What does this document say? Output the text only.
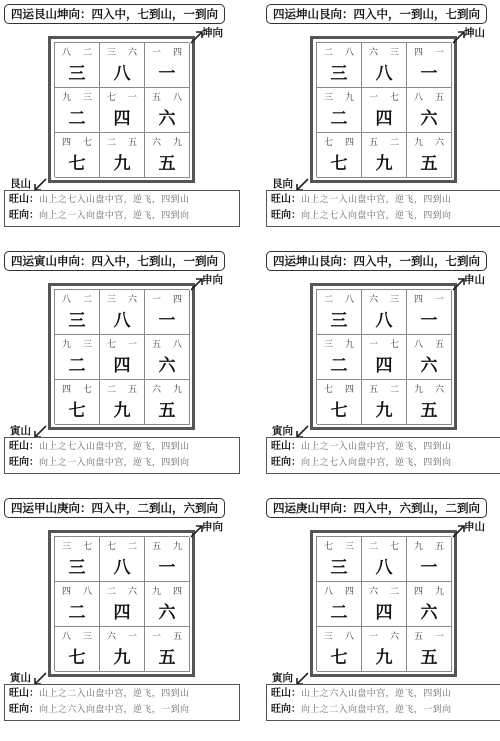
四运艮山坤向：四入中，七到山，一到向
八 二
三
三 六
八
一 四
一
九 三
二
七 一
四
五 八
六
四 七
七
二 五
九
六 九
五
坤向
艮山
旺山：山上之七入山盘中宫，逆飞，四到山
旺向：向上之一入向盘中宫，逆飞，四到向
四运坤山艮向：四入中，一到山，七到向
二 八
三
六 三
八
四 一
一
三 九
二
一 七
四
八 五
六
七 四
七
五 二
九
九 六
五
坤山
艮向
旺山：山上之一入山盘中宫，逆飞，四到山
旺向：向上之七入向盘中宫，逆飞，四到向
四运寅山申向：四入中，七到山，一到向
八 二
三
三 六
八
一 四
一
九 三
二
七 一
四
五 八
六
四 七
七
二 五
九
六 九
五
申向
寅山
旺山：山上之七入山盘中宫，逆飞，四到山
旺向：向上之一入向盘中宫，逆飞，四到向
四运坤山艮向：四入中，一到山，七到向
二 八
三
六 三
八
四 一
一
三 九
二
一 七
四
八 五
六
七 四
七
五 二
九
九 六
五
申山
寅向
旺山：山上之一入山盘中宫，逆飞，四到山
旺向：向上之七入向盘中宫，逆飞，四到向
四运甲山庚向：四入中，二到山，六到向
三 七
三
七 二
八
五 九
一
四 八
二
二 六
四
九 四
六
八 三
七
六 一
九
一 五
五
申向
寅山
旺山：山上之二入山盘中宫，逆飞，四到山
旺向：向上之六入向盘中宫，逆飞，一到向
四运庚山甲向：四入中，六到山，二到向
七 三
三
二 七
八
九 五
一
八 四
二
六 二
四
四 九
六
三 八
七
一 六
九
五 一
五
申山
寅向
旺山：山上之六入山盘中宫，逆飞，四到山
旺向：向上之二入向盘中宫，逆飞，一到向
